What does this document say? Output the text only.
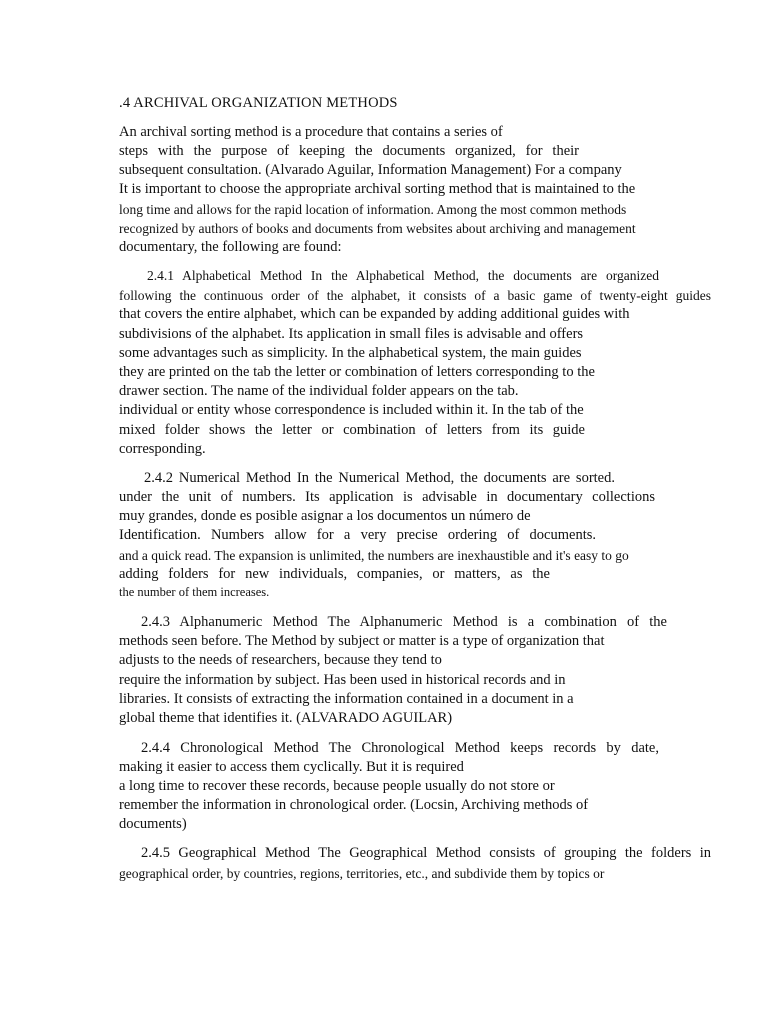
.4 ARCHIVAL ORGANIZATION METHODS
An archival sorting method is a procedure that contains a series of
steps with the purpose of keeping the documents organized, for their
subsequent consultation. (Alvarado Aguilar, Information Management) For a company
It is important to choose the appropriate archival sorting method that is maintained to the
long time and allows for the rapid location of information. Among the most common methods
recognized by authors of books and documents from websites about archiving and management
documentary, the following are found:
2.4.1 Alphabetical Method In the Alphabetical Method, the documents are organized
following the continuous order of the alphabet, it consists of a basic game of twenty-eight guides
that covers the entire alphabet, which can be expanded by adding additional guides with
subdivisions of the alphabet. Its application in small files is advisable and offers
some advantages such as simplicity. In the alphabetical system, the main guides
they are printed on the tab the letter or combination of letters corresponding to the
drawer section. The name of the individual folder appears on the tab.
individual or entity whose correspondence is included within it. In the tab of the
mixed folder shows the letter or combination of letters from its guide
corresponding.
2.4.2 Numerical Method In the Numerical Method, the documents are sorted.
under the unit of numbers. Its application is advisable in documentary collections
muy grandes, donde es posible asignar a los documentos un número de
Identification. Numbers allow for a very precise ordering of documents.
and a quick read. The expansion is unlimited, the numbers are inexhaustible and it's easy to go
adding folders for new individuals, companies, or matters, as the
the number of them increases.
2.4.3 Alphanumeric Method The Alphanumeric Method is a combination of the
methods seen before. The Method by subject or matter is a type of organization that
adjusts to the needs of researchers, because they tend to
require the information by subject. Has been used in historical records and in
libraries. It consists of extracting the information contained in a document in a
global theme that identifies it. (ALVARADO AGUILAR)
2.4.4 Chronological Method The Chronological Method keeps records by date,
making it easier to access them cyclically. But it is required
a long time to recover these records, because people usually do not store or
remember the information in chronological order. (Locsin, Archiving methods of
documents)
2.4.5 Geographical Method The Geographical Method consists of grouping the folders in
geographical order, by countries, regions, territories, etc., and subdivide them by topics or
